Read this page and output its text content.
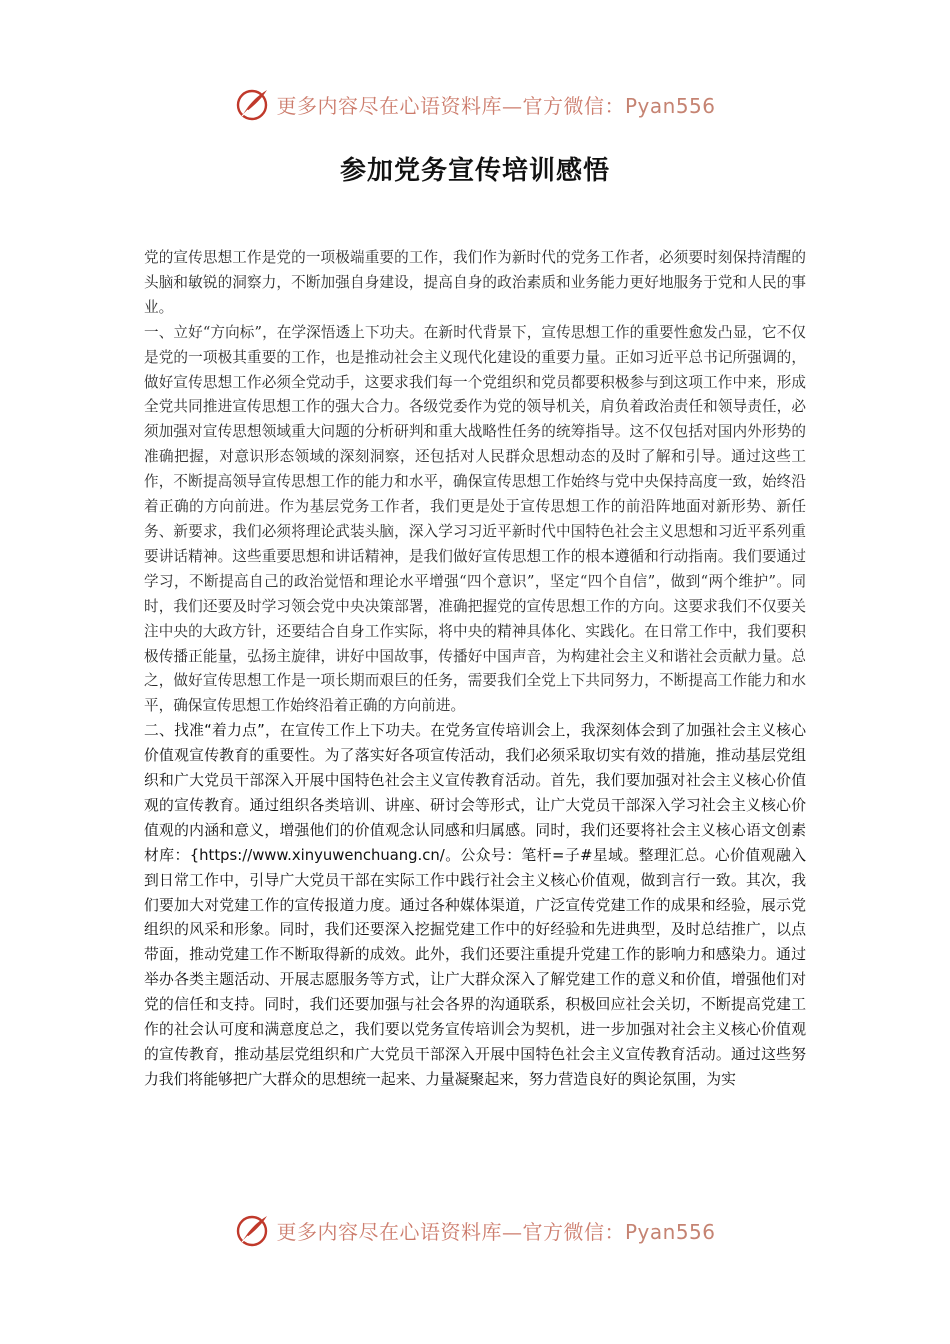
更多内容尽在心语资料库—官方微信：Pyan556
参加党务宣传培训感悟

党的宣传思想工作是党的一项极端重要的工作，我们作为新时代的党务工作者，必须要时刻保持清醒的头脑和敏锐的洞察力，不断加强自身建设，提高自身的政治素质和业务能力更好地服务于党和人民的事业。

一、立好“方向标”，在学深悟透上下功夫。在新时代背景下，宣传思想工作的重要性愈发凸显，它不仅是党的一项极其重要的工作，也是推动社会主义现代化建设的重要力量。正如习近平总书记所强调的，做好宣传思想工作必须全党动手，这要求我们每一个党组织和党员都要积极参与到这项工作中来，形成全党共同推进宣传思想工作的强大合力。各级党委作为党的领导机关，肩负着政治责任和领导责任，必须加强对宣传思想领域重大问题的分析研判和重大战略性任务的统筹指导。这不仅包括对国内外形势的准确把握，对意识形态领域的深刻洞察，还包括对人民群众思想动态的及时了解和引导。通过这些工作，不断提高领导宣传思想工作的能力和水平，确保宣传思想工作始终与党中央保持高度一致，始终沿着正确的方向前进。作为基层党务工作者，我们更是处于宣传思想工作的前沿阵地面对新形势、新任务、新要求，我们必须将理论武装头脑，深入学习习近平新时代中国特色社会主义思想和习近平系列重要讲话精神。这些重要思想和讲话精神，是我们做好宣传思想工作的根本遵循和行动指南。我们要通过学习，不断提高自己的政治觉悟和理论水平增强“四个意识”，坚定“四个自信”，做到“两个维护”。同时，我们还要及时学习领会党中央决策部署，准确把握党的宣传思想工作的方向。这要求我们不仅要关注中央的大政方针，还要结合自身工作实际，将中央的精神具体化、实践化。在日常工作中，我们要积极传播正能量，弘扬主旋律，讲好中国故事，传播好中国声音，为构建社会主义和谐社会贡献力量。总之，做好宣传思想工作是一项长期而艰巨的任务，需要我们全党上下共同努力，不断提高工作能力和水平，确保宣传思想工作始终沿着正确的方向前进。

二、找准“着力点”，在宣传工作上下功夫。在党务宣传培训会上，我深刻体会到了加强社会主义核心价值观宣传教育的重要性。为了落实好各项宣传活动，我们必须采取切实有效的措施，推动基层党组织和广大党员干部深入开展中国特色社会主义宣传教育活动。首先，我们要加强对社会主义核心价值观的宣传教育。通过组织各类培训、讲座、研讨会等形式，让广大党员干部深入学习社会主义核心价值观的内涵和意义，增强他们的价值观念认同感和归属感。同时，我们还要将社会主义核心语文创素材库：{https://www.xinyuwenchuang.cn/。公众号：笔杆=子#星域。整理汇总。心价值观融入到日常工作中，引导广大党员干部在实际工作中践行社会主义核心价值观，做到言行一致。其次，我们要加大对党建工作的宣传报道力度。通过各种媒体渠道，广泛宣传党建工作的成果和经验，展示党组织的风采和形象。同时，我们还要深入挖掘党建工作中的好经验和先进典型，及时总结推广，以点带面，推动党建工作不断取得新的成效。此外，我们还要注重提升党建工作的影响力和感染力。通过举办各类主题活动、开展志愿服务等方式，让广大群众深入了解党建工作的意义和价值，增强他们对党的信任和支持。同时，我们还要加强与社会各界的沟通联系，积极回应社会关切，不断提高党建工作的社会认可度和满意度总之，我们要以党务宣传培训会为契机，进一步加强对社会主义核心价值观的宣传教育，推动基层党组织和广大党员干部深入开展中国特色社会主义宣传教育活动。通过这些努力我们将能够把广大群众的思想统一起来、力量凝聚起来，努力营造良好的舆论氛围，为实

更多内容尽在心语资料库—官方微信：Pyan556
